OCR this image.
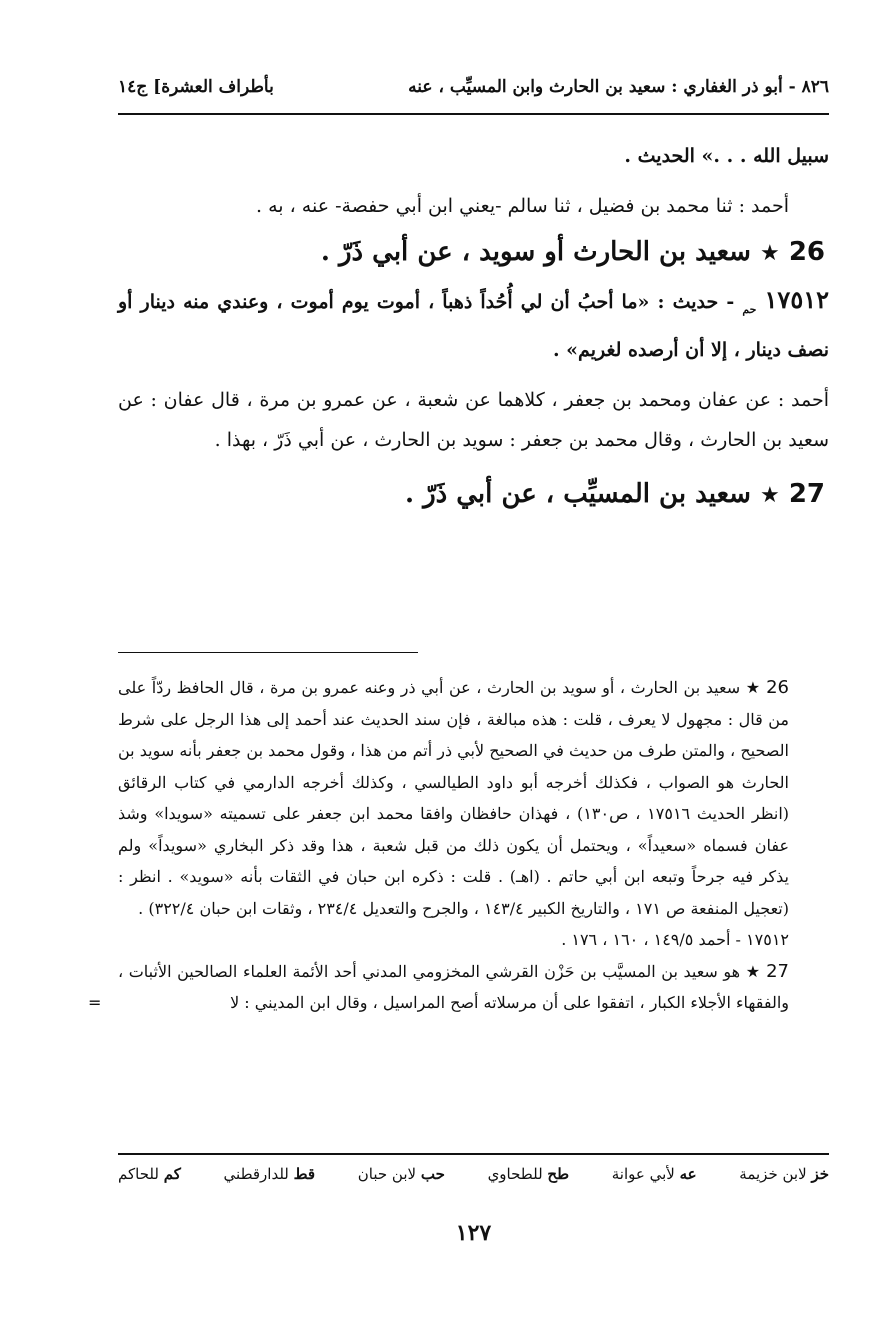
٨٢٦ - أبو ذر الغفاري : سعيد بن الحارث وابن المسيِّب ، عنه
بأطراف العشرة] ج١٤

سبيل الله . . .» الحديث .

أحمد : ثنا محمد بن فضيل ، ثنا سالم -يعني ابن أبي حفصة- عنه ، به .

26 ★ سعيد بن الحارث أو سويد ، عن أبي ذَرّ .

١٧٥١٢ $_{حم}$ - حديث : «ما أحبُ أن لي أُحُداً ذهباً ، أموت يوم أموت ، وعندي منه دينار أو نصف دينار ، إلا أن أرصده لغريم» .

أحمد : عن عفان ومحمد بن جعفر ، كلاهما عن شعبة ، عن عمرو بن مرة ، قال عفان : عن سعيد بن الحارث ، وقال محمد بن جعفر : سويد بن الحارث ، عن أبي ذَرّ ، بهذا .

27 ★ سعيد بن المسيِّب ، عن أبي ذَرّ .

26 ★ سعيد بن الحارث ، أو سويد بن الحارث ، عن أبي ذر وعنه عمرو بن مرة ، قال الحافظ ردّاً على من قال : مجهول لا يعرف ، قلت : هذه مبالغة ، فإن سند الحديث عند أحمد إلى هذا الرجل على شرط الصحيح ، والمتن طرف من حديث في الصحيح لأبي ذر أتم من هذا ، وقول محمد بن جعفر بأنه سويد بن الحارث هو الصواب ، فكذلك أخرجه أبو داود الطيالسي ، وكذلك أخرجه الدارمي في كتاب الرقائق (انظر الحديث ١٧٥١٦ ، ص١٣٠) ، فهذان حافظان وافقا محمد ابن جعفر على تسميته «سويدا» وشذ عفان فسماه «سعيداً» ، ويحتمل أن يكون ذلك من قبل شعبة ، هذا وقد ذكر البخاري «سويداً» ولم يذكر فيه جرحاً وتبعه ابن أبي حاتم . (اهـ) . قلت : ذكره ابن حبان في الثقات بأنه «سويد» . انظر : (تعجيل المنفعة ص ١٧١ ، والتاريخ الكبير ١٤٣/٤ ، والجرح والتعديل ٢٣٤/٤ ، وثقات ابن حبان ٣٢٢/٤) .

١٧٥١٢ - أحمد ١٤٩/٥ ، ١٦٠ ، ١٧٦ .

27 ★ هو سعيد بن المسيَّب بن حَزْن القرشي المخزومي المدني أحد الأئمة العلماء الصالحين الأثبات ، والفقهاء الأجلاء الكبار ، اتفقوا على أن مرسلاته أصح المراسيل ، وقال ابن المديني : لا
=

خز لابن خزيمة
عه لأبي عوانة
طح للطحاوي
حب لابن حبان
قط للدارقطني
كم للحاكم
١٢٧
